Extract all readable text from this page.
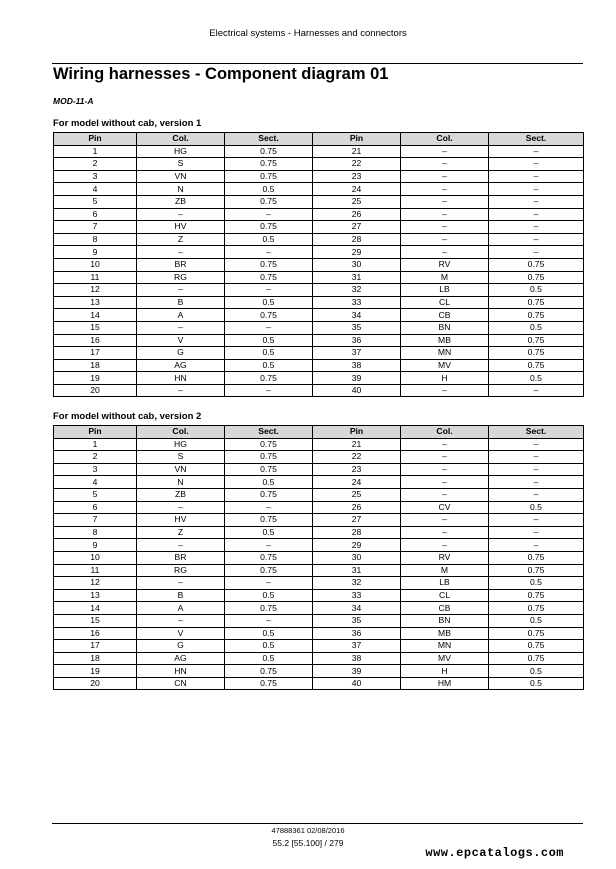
Electrical systems - Harnesses and connectors
Wiring harnesses - Component diagram 01
MOD-11-A
For model without cab, version 1
Pin	Col.	Sect.	Pin	Col.	Sect.
1	HG	0.75	21	–	–
2	S	0.75	22	–	–
3	VN	0.75	23	–	–
4	N	0.5	24	–	–
5	ZB	0.75	25	–	–
6	–	–	26	–	–
7	HV	0.75	27	–	–
8	Z	0.5	28	–	–
9	–	–	29	–	–
10	BR	0.75	30	RV	0.75
11	RG	0.75	31	M	0.75
12	–	–	32	LB	0.5
13	B	0.5	33	CL	0.75
14	A	0.75	34	CB	0.75
15	–	–	35	BN	0.5
16	V	0.5	36	MB	0.75
17	G	0.5	37	MN	0.75
18	AG	0.5	38	MV	0.75
19	HN	0.75	39	H	0.5
20	–	–	40	–	–
For model without cab, version 2
Pin	Col.	Sect.	Pin	Col.	Sect.
1	HG	0.75	21	–	–
2	S	0.75	22	–	–
3	VN	0.75	23	–	–
4	N	0.5	24	–	–
5	ZB	0.75	25	–	–
6	–	–	26	CV	0.5
7	HV	0.75	27	–	–
8	Z	0.5	28	–	–
9	–	–	29	–	–
10	BR	0.75	30	RV	0.75
11	RG	0.75	31	M	0.75
12	–	–	32	LB	0.5
13	B	0.5	33	CL	0.75
14	A	0.75	34	CB	0.75
15	–	–	35	BN	0.5
16	V	0.5	36	MB	0.75
17	G	0.5	37	MN	0.75
18	AG	0.5	38	MV	0.75
19	HN	0.75	39	H	0.5
20	CN	0.75	40	HM	0.5
47888361 02/08/2016
55.2 [55.100] / 279
www.epcatalogs.com
